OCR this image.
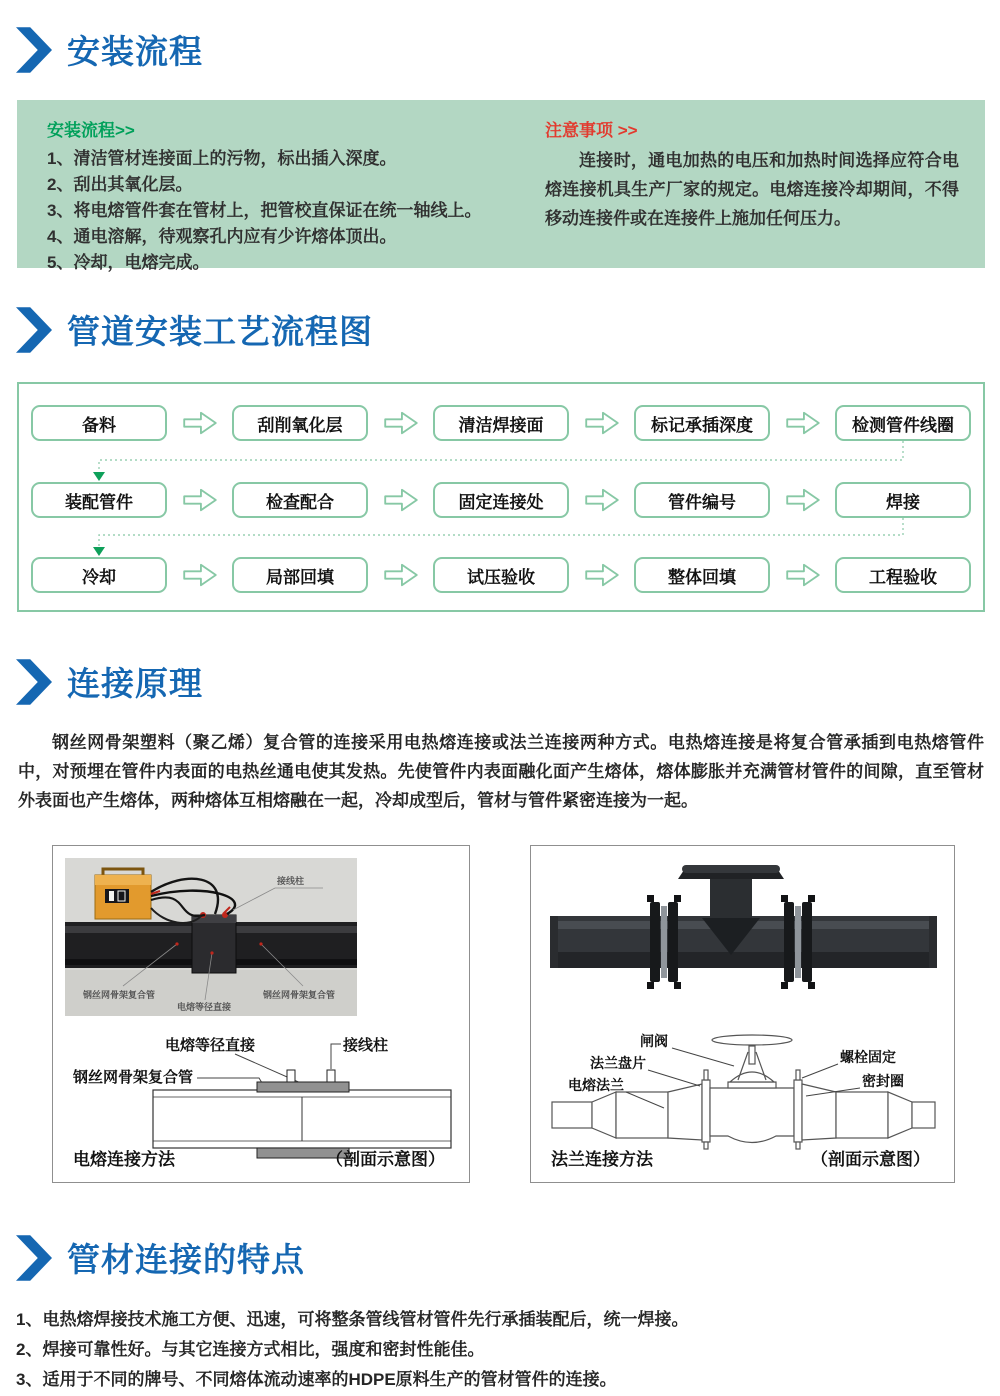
安装流程
安装流程>>
1、清洁管材连接面上的污物，标出插入深度。
2、刮出其氧化层。
3、将电熔管件套在管材上，把管校直保证在统一轴线上。
4、通电溶解，待观察孔内应有少许熔体顶出。
5、冷却，电熔完成。
注意事项 >>

连接时，通电加热的电压和加热时间选择应符合电熔连接机具生产厂家的规定。电熔连接冷却期间，不得移动连接件或在连接件上施加任何压力。

管道安装工艺流程图
备料	刮削氧化层	清洁焊接面	标记承插深度	检测管件线圈
装配管件	检查配合	固定连接处	管件编号	焊接
冷却	局部回填	试压验收	整体回填	工程验收
连接原理

钢丝网骨架塑料（聚乙烯）复合管的连接采用电热熔连接或法兰连接两种方式。电热熔连接是将复合管承插到电热熔管件中，对预埋在管件内表面的电热丝通电使其发热。先使管件内表面融化面产生熔体，熔体膨胀并充满管材管件的间隙，直至管材外表面也产生熔体，两种熔体互相熔融在一起，冷却成型后，管材与管件紧密连接为一起。

接线柱
钢丝网骨架复合管
电熔等径直接
钢丝网骨架复合管
电熔等径直接	接线柱
钢丝网骨架复合管
电熔连接方法	（剖面示意图）
闸阀
法兰盘片
电熔法兰
螺栓固定
密封圈
法兰连接方法	（剖面示意图）
管材连接的特点
1、电热熔焊接技术施工方便、迅速，可将整条管线管材管件先行承插装配后，统一焊接。
2、焊接可靠性好。与其它连接方式相比，强度和密封性能佳。
3、适用于不同的牌号、不同熔体流动速率的HDPE原料生产的管材管件的连接。
